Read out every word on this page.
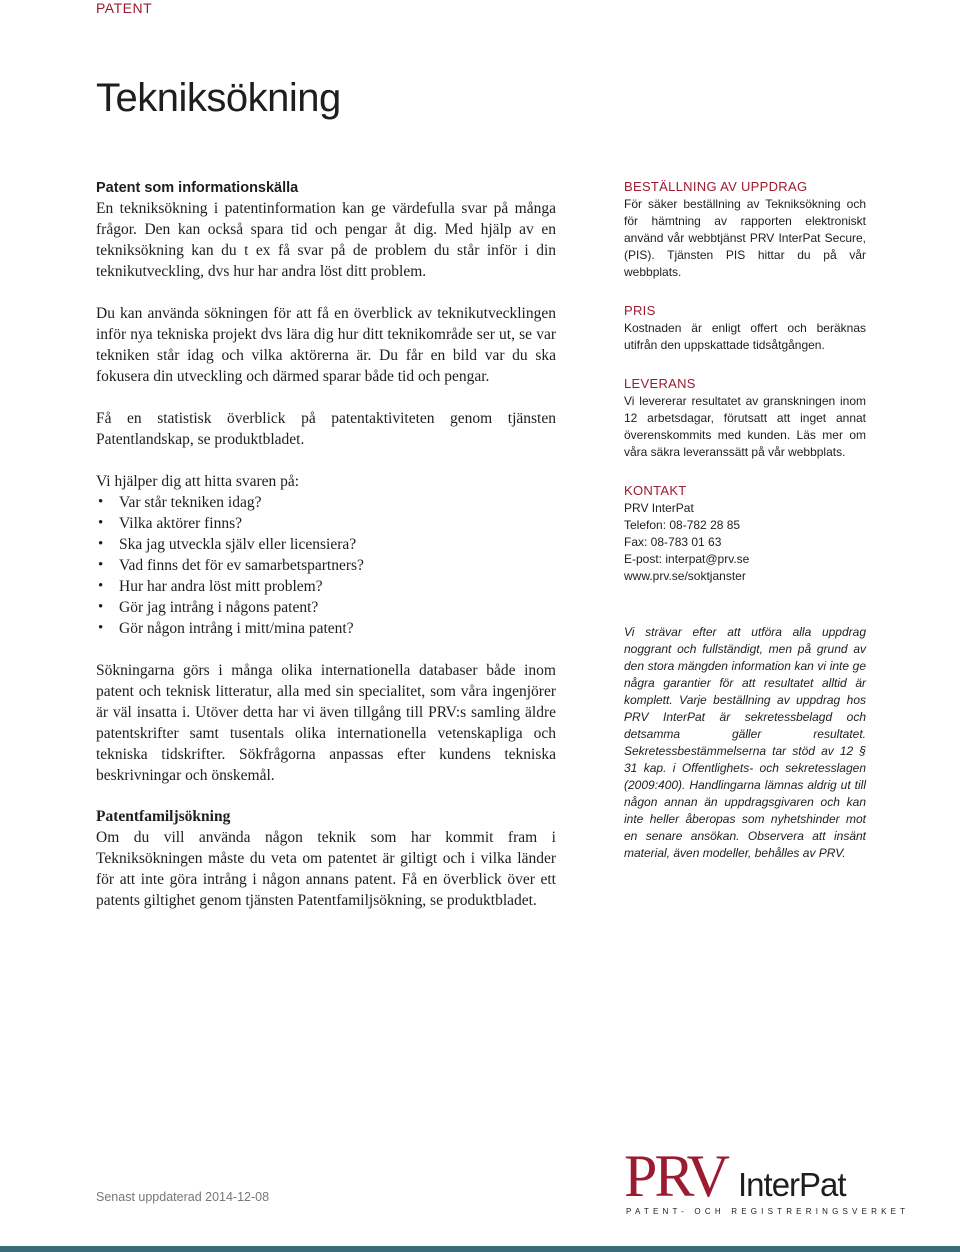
PATENT
Tekniksökning
Patent som informationskälla

En tekniksökning i patentinformation kan ge värdefulla svar på många frågor. Den kan också spara tid och pengar åt dig. Med hjälp av en tekniksökning kan du t ex få svar på de problem du står inför i din teknikutveckling, dvs hur har andra löst ditt problem.

Du kan använda sökningen för att få en överblick av teknikutvecklingen inför nya tekniska projekt dvs lära dig hur ditt teknikområde ser ut, se var tekniken står idag och vilka aktörerna är. Du får en bild var du ska fokusera din utveckling och därmed sparar både tid och pengar.

Få en statistisk överblick på patentaktiviteten genom tjänsten Patentlandskap, se produktbladet.

Vi hjälper dig att hitta svaren på:

• Var står tekniken idag?
• Vilka aktörer finns?
• Ska jag utveckla själv eller licensiera?
• Vad finns det för ev samarbetspartners?
• Hur har andra löst mitt problem?
• Gör jag intrång i någons patent?
• Gör någon intrång i mitt/mina patent?

Sökningarna görs i många olika internationella databaser både inom patent och teknisk litteratur, alla med sin specialitet, som våra ingenjörer är väl insatta i. Utöver detta har vi även tillgång till PRV:s samling äldre patentskrifter samt tusentals olika internationella vetenskapliga och tekniska tidskrifter. Sökfrågorna anpassas efter kundens tekniska beskrivningar och önskemål.

Patentfamiljsökning

Om du vill använda någon teknik som har kommit fram i Tekniksökningen måste du veta om patentet är giltigt och i vilka länder för att inte göra intrång i någon annans patent. Få en överblick över ett patents giltighet genom tjänsten Patentfamiljsökning, se produktbladet.

BESTÄLLNING AV UPPDRAG

För säker beställning av Tekniksökning och för hämtning av rapporten elektroniskt använd vår webbtjänst PRV InterPat Secure, (PIS). Tjänsten PIS hittar du på vår webbplats.

PRIS

Kostnaden är enligt offert och beräknas utifrån den uppskattade tidsåtgången.

LEVERANS

Vi levererar resultatet av granskningen inom 12 arbetsdagar, förutsatt att inget annat överenskommits med kunden. Läs mer om våra säkra leveranssätt på vår webbplats.

KONTAKT

PRV InterPat

Telefon: 08-782 28 85

Fax: 08-783 01 63

E-post: interpat@prv.se

www.prv.se/soktjanster

Vi strävar efter att utföra alla uppdrag noggrant och fullständigt, men på grund av den stora mängden information kan vi inte ge några garantier för att resultatet alltid är komplett. Varje beställning av uppdrag hos PRV InterPat är sekretessbelagd och detsamma gäller resultatet. Sekretessbestämmelserna tar stöd av 12 § 31 kap. i Offentlighets- och sekretesslagen (2009:400). Handlingarna lämnas aldrig ut till någon annan än uppdragsgivaren och kan inte heller åberopas som nyhetshinder mot en senare ansökan. Observera att insänt material, även modeller, behålles av PRV.

Senast uppdaterad 2014-12-08	PRV InterPat
PATENT- OCH REGISTRERINGSVERKET
